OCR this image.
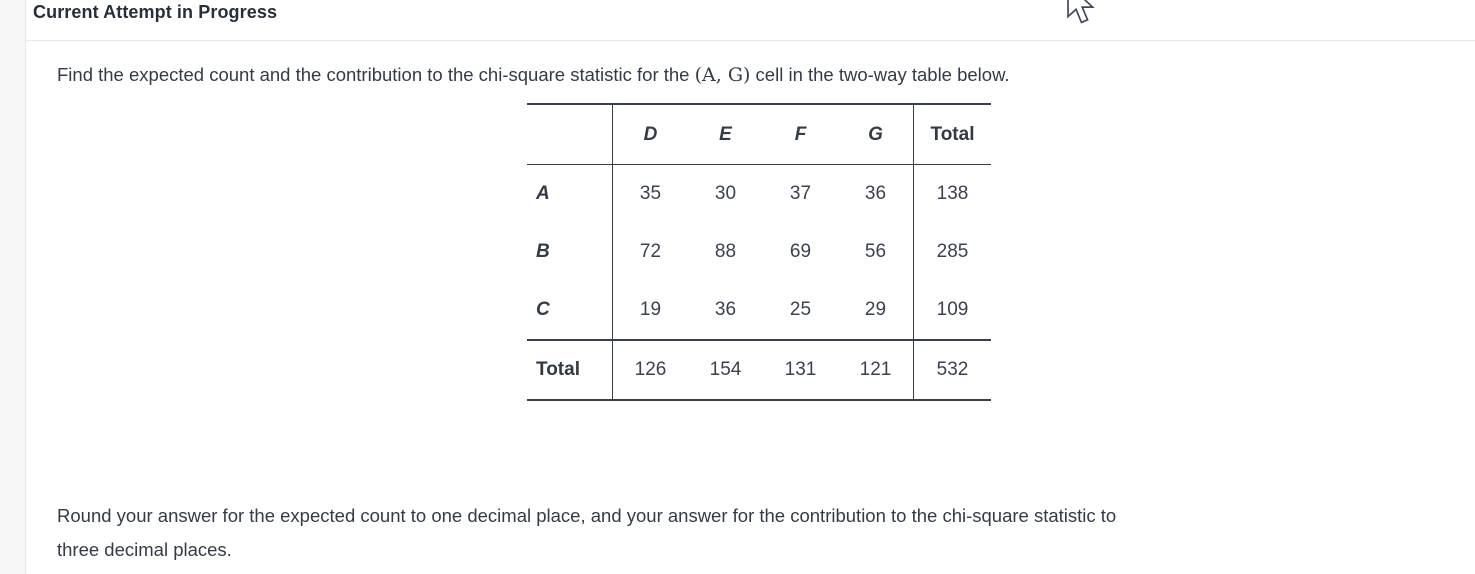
Current Attempt in Progress
Find the expected count and the contribution to the chi-square statistic for the (A, G) cell in the two-way table below.
	D	E	F	G	Total
A	35	30	37	36	138
B	72	88	69	56	285
C	19	36	25	29	109
Total	126	154	131	121	532
Round your answer for the expected count to one decimal place, and your answer for the contribution to the chi-square statistic to
three decimal places.
